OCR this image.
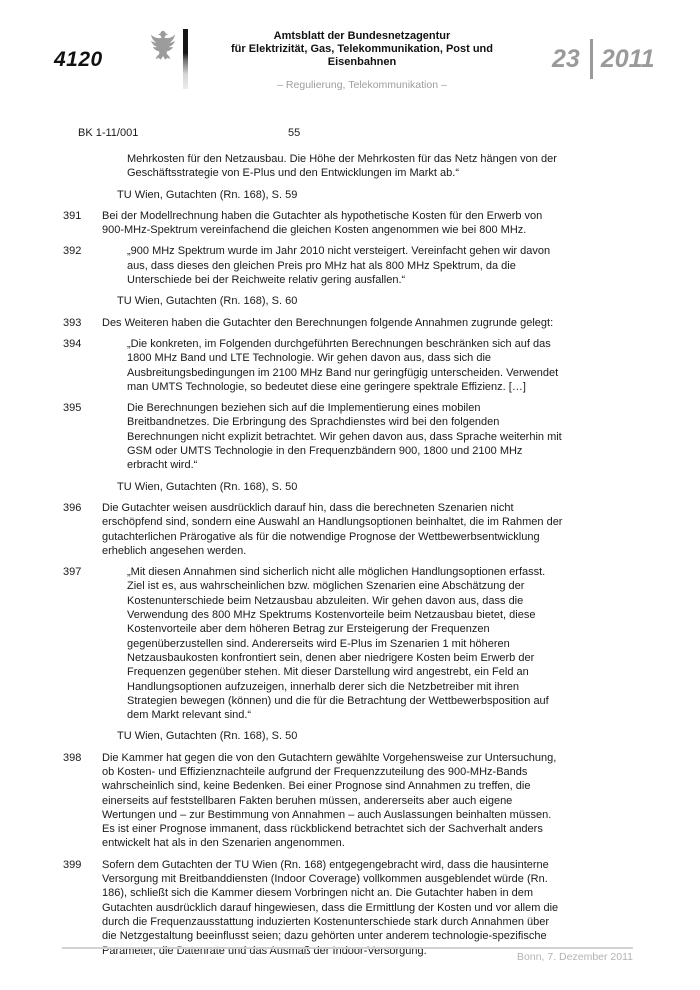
4120
Amtsblatt der Bundesnetzagentur
für Elektrizität, Gas, Telekommunikation, Post und Eisenbahnen
– Regulierung, Telekommunikation –
23 2011
BK 1-11/001	55
Mehrkosten für den Netzausbau. Die Höhe der Mehrkosten für das Netz hängen von der Geschäftsstrategie von E-Plus und den Entwicklungen im Markt ab.“
TU Wien, Gutachten (Rn. 168), S. 59
391	Bei der Modellrechnung haben die Gutachter als hypothetische Kosten für den Erwerb von 900-MHz-Spektrum vereinfachend die gleichen Kosten angenommen wie bei 800 MHz.
392	„900 MHz Spektrum wurde im Jahr 2010 nicht versteigert. Vereinfacht gehen wir davon aus, dass dieses den gleichen Preis pro MHz hat als 800 MHz Spektrum, da die Unterschiede bei der Reichweite relativ gering ausfallen.“
TU Wien, Gutachten (Rn. 168), S. 60
393	Des Weiteren haben die Gutachter den Berechnungen folgende Annahmen zugrunde gelegt:
394	„Die konkreten, im Folgenden durchgeführten Berechnungen beschränken sich auf das 1800 MHz Band und LTE Technologie. Wir gehen davon aus, dass sich die Ausbreitungsbedingungen im 2100 MHz Band nur geringfügig unterscheiden. Verwendet man UMTS Technologie, so bedeutet diese eine geringere spektrale Effizienz. […]
395	Die Berechnungen beziehen sich auf die Implementierung eines mobilen Breitbandnetzes. Die Erbringung des Sprachdienstes wird bei den folgenden Berechnungen nicht explizit betrachtet. Wir gehen davon aus, dass Sprache weiterhin mit GSM oder UMTS Technologie in den Frequenzbändern 900, 1800 und 2100 MHz erbracht wird.“
TU Wien, Gutachten (Rn. 168), S. 50
396	Die Gutachter weisen ausdrücklich darauf hin, dass die berechneten Szenarien nicht erschöpfend sind, sondern eine Auswahl an Handlungsoptionen beinhaltet, die im Rahmen der gutachterlichen Prärogative als für die notwendige Prognose der Wettbewerbsentwicklung erheblich angesehen werden.
397	„Mit diesen Annahmen sind sicherlich nicht alle möglichen Handlungsoptionen erfasst. Ziel ist es, aus wahrscheinlichen bzw. möglichen Szenarien eine Abschätzung der Kostenunterschiede beim Netzausbau abzuleiten. Wir gehen davon aus, dass die Verwendung des 800 MHz Spektrums Kostenvorteile beim Netzausbau bietet, diese Kostenvorteile aber dem höheren Betrag zur Ersteigerung der Frequenzen gegenüberzustellen sind. Andererseits wird E-Plus im Szenarien 1 mit höheren Netzausbaukosten konfrontiert sein, denen aber niedrigere Kosten beim Erwerb der Frequenzen gegenüber stehen. Mit dieser Darstellung wird angestrebt, ein Feld an Handlungsoptionen aufzuzeigen, innerhalb derer sich die Netzbetreiber mit ihren Strategien bewegen (können) und die für die Betrachtung der Wettbewerbsposition auf dem Markt relevant sind.“
TU Wien, Gutachten (Rn. 168), S. 50
398	Die Kammer hat gegen die von den Gutachtern gewählte Vorgehensweise zur Untersuchung, ob Kosten- und Effizienznachteile aufgrund der Frequenzzuteilung des 900-MHz-Bands wahrscheinlich sind, keine Bedenken. Bei einer Prognose sind Annahmen zu treffen, die einerseits auf feststellbaren Fakten beruhen müssen, andererseits aber auch eigene Wertungen und – zur Bestimmung von Annahmen – auch Auslassungen beinhalten müssen. Es ist einer Prognose immanent, dass rückblickend betrachtet sich der Sachverhalt anders entwickelt hat als in den Szenarien angenommen.
399	Sofern dem Gutachten der TU Wien (Rn. 168) entgegengebracht wird, dass die hausinterne Versorgung mit Breitbanddiensten (Indoor Coverage) vollkommen ausgeblendet würde (Rn. 186), schließt sich die Kammer diesem Vorbringen nicht an. Die Gutachter haben in dem Gutachten ausdrücklich darauf hingewiesen, dass die Ermittlung der Kosten und vor allem die durch die Frequenzausstattung induzierten Kostenunterschiede stark durch Annahmen über die Netzgestaltung beeinflusst seien; dazu gehörten unter anderem technologie-spezifische Parameter, die Datenrate und das Ausmaß der Indoor-Versorgung.
Bonn, 7. Dezember 2011
